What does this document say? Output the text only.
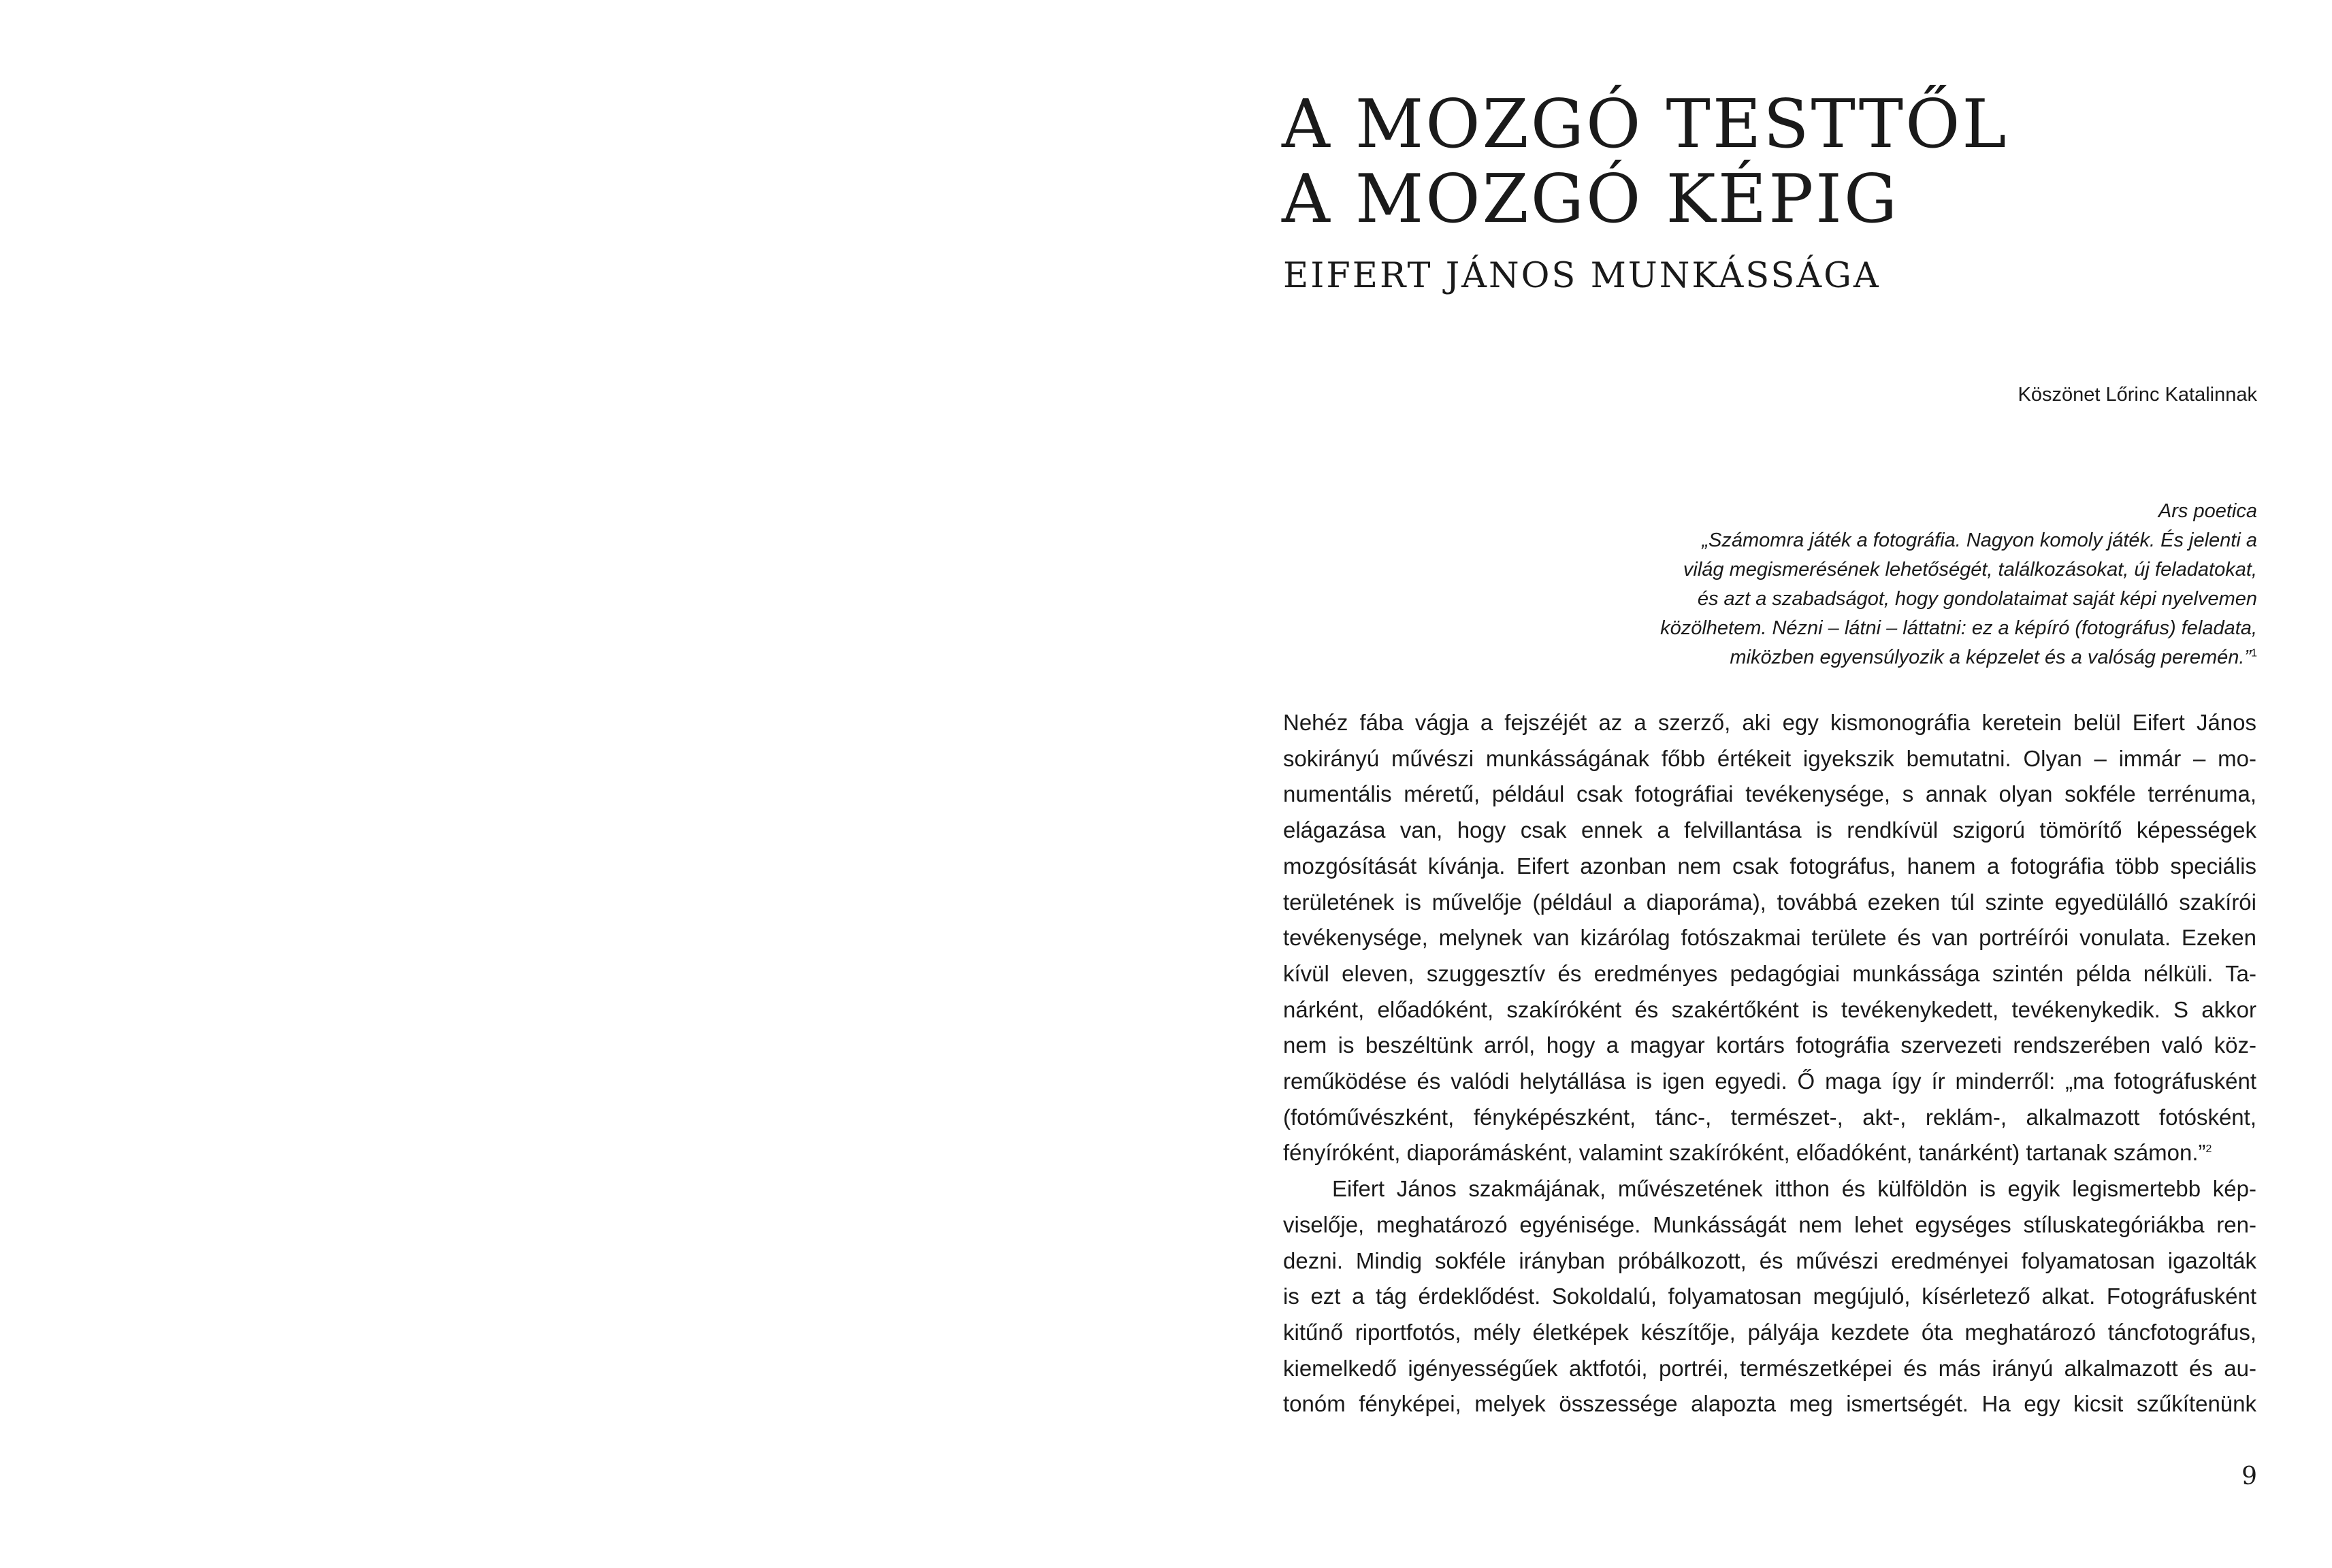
A MOZGÓ TESTTŐL
A MOZGÓ KÉPIG
EIFERT JÁNOS MUNKÁSSÁGA
Köszönet Lőrinc Katalinnak
Ars poetica
„Számomra játék a fotográfia. Nagyon komoly játék. És jelenti a
világ megismerésének lehetőségét, találkozásokat, új feladatokat,
és azt a szabadságot, hogy gondolataimat saját képi nyelvemen
közölhetem. Nézni – látni – láttatni: ez a képíró (fotográfus) feladata,
miközben egyensúlyozik a képzelet és a valóság peremén.”$^1$
Nehéz fába vágja a fejszéjét az a szerző, aki egy kismonográfia keretein belül Eifert János
sokirányú művészi munkásságának főbb értékeit igyekszik bemutatni. Olyan – immár – mo-
numentális méretű, például csak fotográfiai tevékenysége, s annak olyan sokféle terrénuma,
elágazása van, hogy csak ennek a felvillantása is rendkívül szigorú tömörítő képességek
mozgósítását kívánja. Eifert azonban nem csak fotográfus, hanem a fotográfia több speciális
területének is művelője (például a diaporáma), továbbá ezeken túl szinte egyedülálló szakírói
tevékenysége, melynek van kizárólag fotószakmai területe és van portréírói vonulata. Ezeken
kívül eleven, szuggesztív és eredményes pedagógiai munkássága szintén példa nélküli. Ta-
nárként, előadóként, szakíróként és szakértőként is tevékenykedett, tevékenykedik. S akkor
nem is beszéltünk arról, hogy a magyar kortárs fotográfia szervezeti rendszerében való köz-
reműködése és valódi helytállása is igen egyedi. Ő maga így ír minderről: „ma fotográfusként
(fotóművészként, fényképészként, tánc-, természet-, akt-, reklám-, alkalmazott fotósként,
fényíróként, diaporámásként, valamint szakíróként, előadóként, tanárként) tartanak számon.”$^2$
Eifert János szakmájának, művészetének itthon és külföldön is egyik legismertebb kép-
viselője, meghatározó egyénisége. Munkásságát nem lehet egységes stíluskategóriákba ren-
dezni. Mindig sokféle irányban próbálkozott, és művészi eredményei folyamatosan igazolták
is ezt a tág érdeklődést. Sokoldalú, folyamatosan megújuló, kísérletező alkat. Fotográfusként
kitűnő riportfotós, mély életképek készítője, pályája kezdete óta meghatározó táncfotográfus,
kiemelkedő igényességűek aktfotói, portréi, természetképei és más irányú alkalmazott és au-
tonóm fényképei, melyek összessége alapozta meg ismertségét. Ha egy kicsit szűkítenünk
9
